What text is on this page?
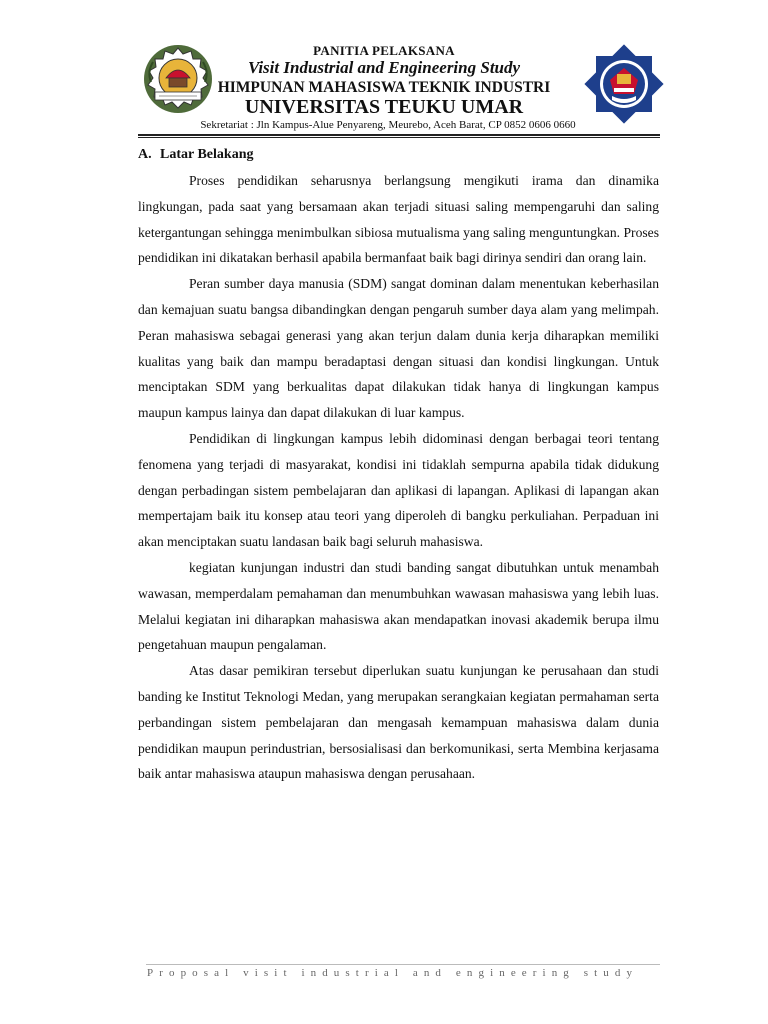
PANITIA PELAKSANA
Visit Industrial and Engineering Study
HIMPUNAN MAHASISWA TEKNIK INDUSTRI
UNIVERSITAS TEUKU UMAR
Sekretariat : Jln Kampus-Alue Penyareng, Meurebo, Aceh Barat, CP 0852 0606 0660
A. Latar Belakang

Proses pendidikan seharusnya berlangsung mengikuti irama dan dinamika lingkungan, pada saat yang bersamaan akan terjadi situasi saling mempengaruhi dan saling ketergantungan sehingga menimbulkan sibiosa mutualisma yang saling menguntungkan. Proses pendidikan ini dikatakan berhasil apabila bermanfaat baik bagi dirinya sendiri dan orang lain.

Peran sumber daya manusia (SDM) sangat dominan dalam menentukan keberhasilan dan kemajuan suatu bangsa dibandingkan dengan pengaruh sumber daya alam yang melimpah. Peran mahasiswa sebagai generasi yang akan terjun dalam dunia kerja diharapkan memiliki kualitas yang baik dan mampu beradaptasi dengan situasi dan kondisi lingkungan. Untuk menciptakan SDM yang berkualitas dapat dilakukan tidak hanya di lingkungan kampus maupun kampus lainya dan dapat dilakukan di luar kampus.

Pendidikan di lingkungan kampus lebih didominasi dengan berbagai teori tentang fenomena yang terjadi di masyarakat, kondisi ini tidaklah sempurna apabila tidak didukung dengan perbadingan sistem pembelajaran dan aplikasi di lapangan. Aplikasi di lapangan akan mempertajam baik itu konsep atau teori yang diperoleh di bangku perkuliahan. Perpaduan ini akan menciptakan suatu landasan baik bagi seluruh mahasiswa.

kegiatan kunjungan industri dan studi banding sangat dibutuhkan untuk menambah wawasan, memperdalam pemahaman dan menumbuhkan wawasan mahasiswa yang lebih luas. Melalui kegiatan ini diharapkan mahasiswa akan mendapatkan inovasi akademik berupa ilmu pengetahuan maupun pengalaman.

Atas dasar pemikiran tersebut diperlukan suatu kunjungan ke perusahaan dan studi banding ke Institut Teknologi Medan, yang merupakan serangkaian kegiatan permahaman serta perbandingan sistem pembelajaran dan mengasah kemampuan mahasiswa dalam dunia pendidikan maupun perindustrian, bersosialisasi dan berkomunikasi, serta Membina kerjasama baik antar mahasiswa ataupun mahasiswa dengan perusahaan.

Proposal visit industrial and engineering study
